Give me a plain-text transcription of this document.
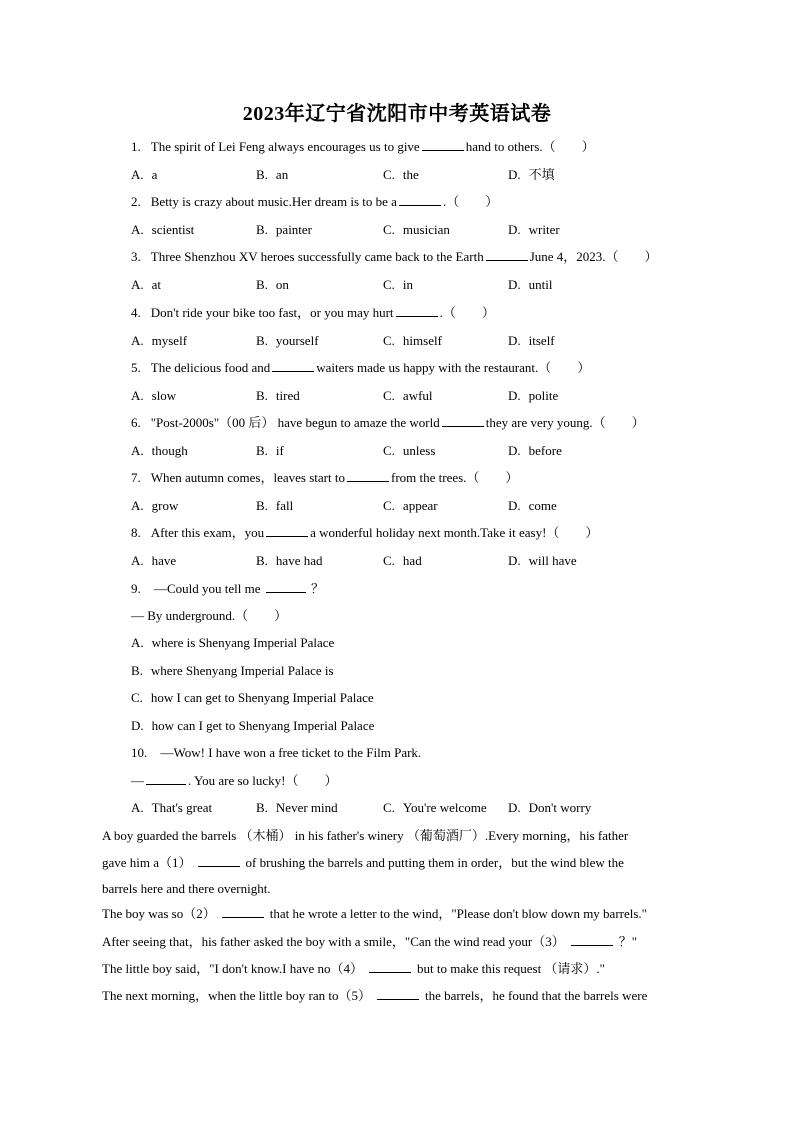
2023年辽宁省沈阳市中考英语试卷
1. The spirit of Lei Feng always encourages us to give	hand to others.（　　）
A. a	B. an	C. the	D. 不填
2. Betty is crazy about music.Her dream is to be a	.（　　）
A. scientist	B. painter	C. musician	D. writer
3. Three Shenzhou XV heroes successfully came back to the Earth	June 4，2023.（　　）
A. at	B. on	C. in	D. until
4. Don't ride your bike too fast，or you may hurt	.（　　）
A. myself	B. yourself	C. himself	D. itself
5. The delicious food and	waiters made us happy with the restaurant.（　　）
A. slow	B. tired	C. awful	D. polite
6. "Post-2000s"（00 后） have begun to amaze the world	they are very young.（　　）
A. though	B. if	C. unless	D. before
7. When autumn comes，leaves start to	from the trees.（　　）
A. grow	B. fall	C. appear	D. come
8. After this exam，you	a wonderful holiday next month.Take it easy!（　　）
A. have	B. have had	C. had	D. will have
9. —Could you tell me	？
— By underground.（　　）
A. where is Shenyang Imperial Palace
B. where Shenyang Imperial Palace is
C. how I can get to Shenyang Imperial Palace
D. how can I get to Shenyang Imperial Palace
10. —Wow! I have won a free ticket to the Film Park.
—	. You are so lucky!（　　）
A. That's great	B. Never mind	C. You're welcome D. Don't worry
A boy guarded the barrels （木桶） in his father's winery （葡萄酒厂）.Every morning，his father
gave him a（1）	of brushing the barrels and putting them in order，but the wind blew the
barrels here and there overnight.
The boy was so（2）	that he wrote a letter to the wind，"Please don't blow down my barrels."
After seeing that，his father asked the boy with a smile，"Can the wind read your（3）	？"
The little boy said，"I don't know.I have no（4）	but to make this request （请求）."
The next morning，when the little boy ran to（5）	the barrels，he found that the barrels were
